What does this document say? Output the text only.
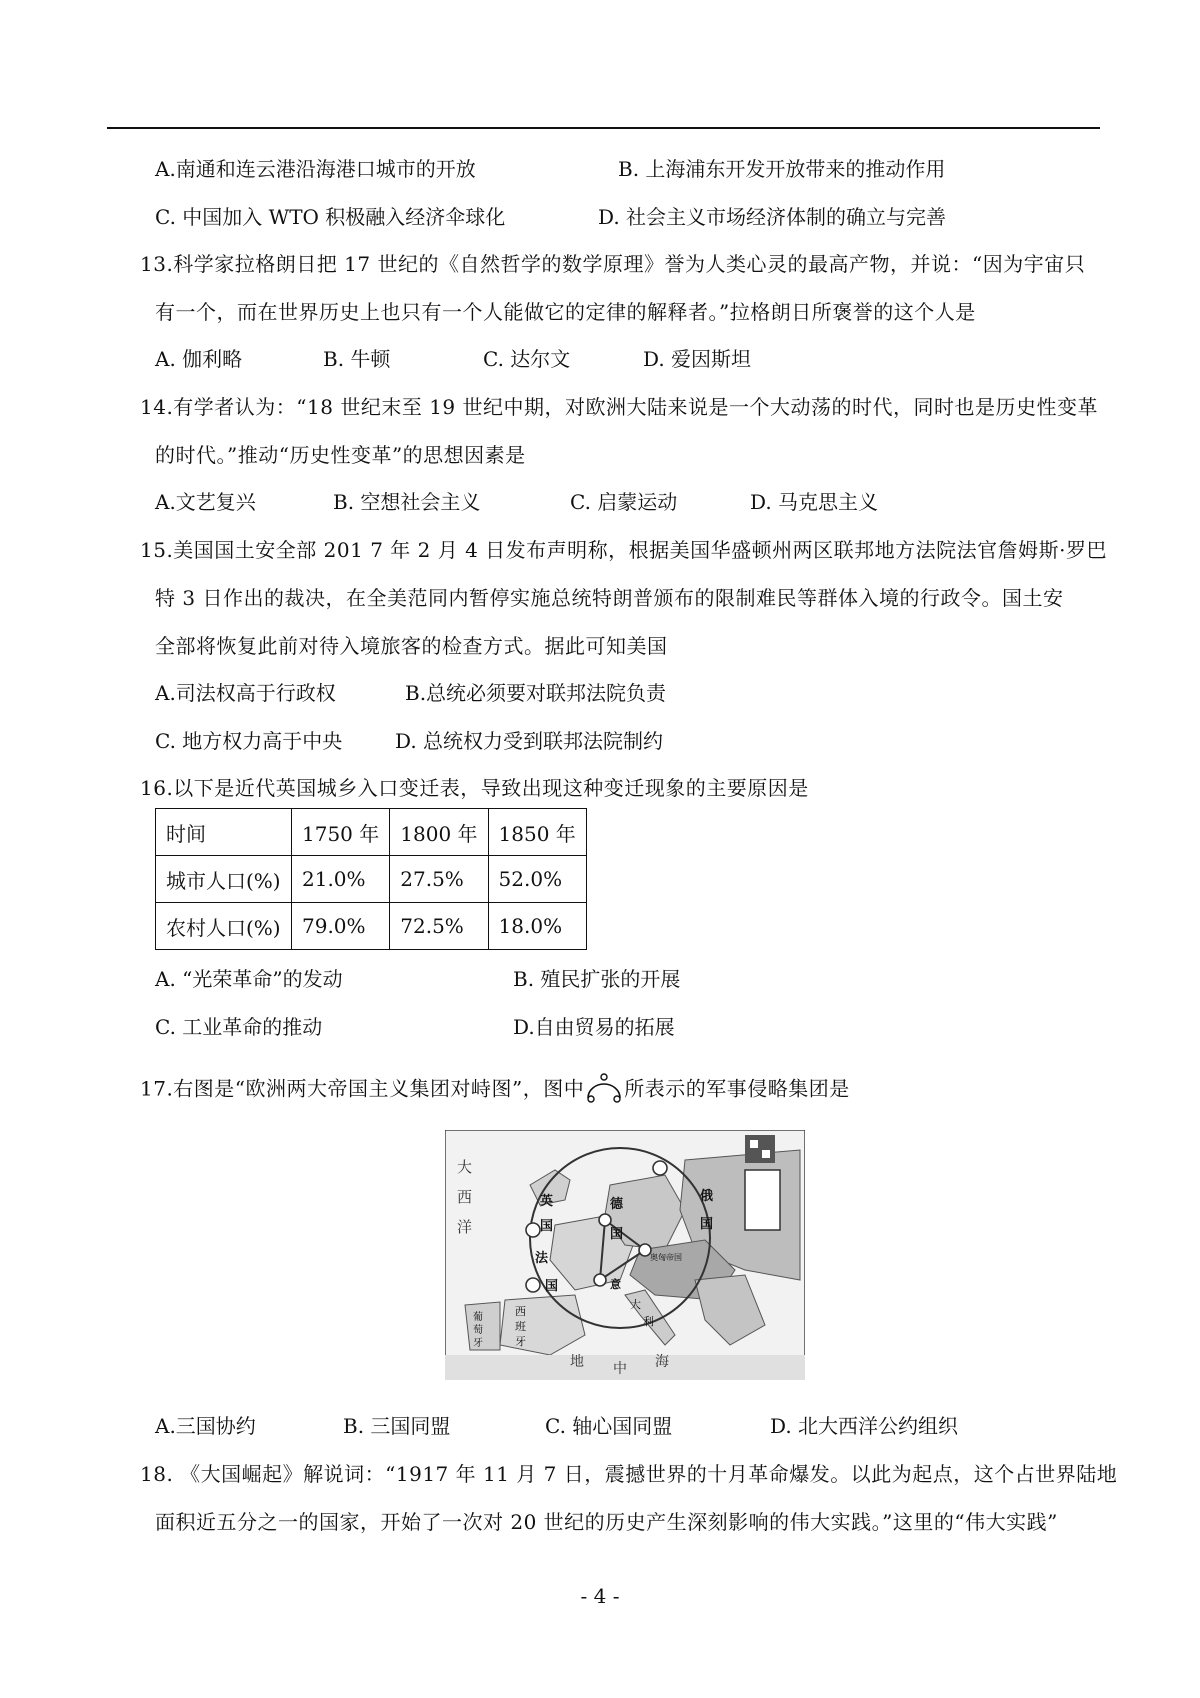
A.南通和连云港沿海港口城市的开放	B. 上海浦东开发开放带来的推动作用
C. 中国加入 WTO 积极融入经济伞球化	D. 社会主义市场经济体制的确立与完善
13.科学家拉格朗日把 17 世纪的《自然哲学的数学原理》誉为人类心灵的最高产物，并说：“因为宇宙只
有一个，而在世界历史上也只有一个人能做它的定律的解释者。”拉格朗日所褒誉的这个人是
A. 伽利略	B. 牛顿	C. 达尔文	D. 爱因斯坦
14.有学者认为：“18 世纪末至 19 世纪中期，对欧洲大陆来说是一个大动荡的时代，同时也是历史性变革
的时代。”推动“历史性变革”的思想因素是
A.文艺复兴	B. 空想社会主义	C. 启蒙运动	D. 马克思主义
15.美国国土安全部 201 7 年 2 月 4 日发布声明称，根据美国华盛顿州两区联邦地方法院法官詹姆斯·罗巴
特 3 日作出的裁决，在全美范同内暂停实施总统特朗普颁布的限制难民等群体入境的行政令。国土安
全部将恢复此前对待入境旅客的检查方式。据此可知美国
A.司法权高于行政权	B.总统必须要对联邦法院负责
C. 地方权力高于中央	D. 总统权力受到联邦法院制约
16.以下是近代英国城乡入口变迁表，导致出现这种变迁现象的主要原因是
时间	1750 年	1800 年	1850 年
城市人口(%)	21.0%	27.5%	52.0%
农村人口(%)	79.0%	72.5%	18.0%
A. “光荣革命”的发动	B. 殖民扩张的开展
C. 工业革命的推动	D.自由贸易的拓展
17.右图是“欧洲两大帝国主义集团对峙图”，图中 所表示的军事侵略集团是
大
西
洋
英
国
法
国
德
国
俄
国
意
大
利
奥匈帝国
西
班
牙
葡
萄
牙
地 中 海
A.三国协约	B. 三国同盟	C. 轴心国同盟	D. 北大西洋公约组织
18. 《大国崛起》解说词：“1917 年 11 月 7 日，震撼世界的十月革命爆发。以此为起点，这个占世界陆地
面积近五分之一的国家，开始了一次对 20 世纪的历史产生深刻影响的伟大实践。”这里的“伟大实践”
- 4 -
